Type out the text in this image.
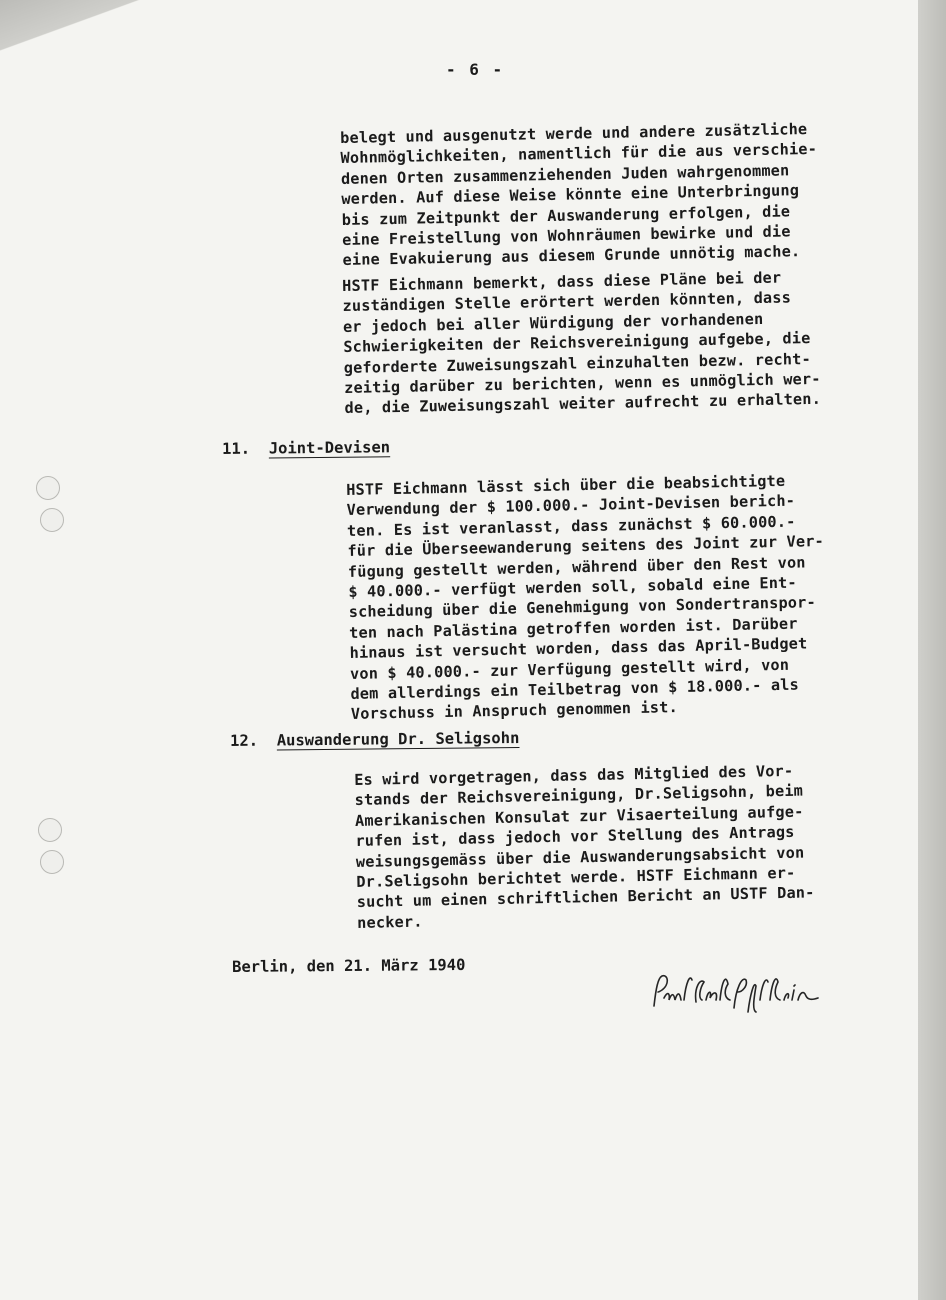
- 6 -

belegt und ausgenutzt werde und andere zusätzliche
Wohnmöglichkeiten, namentlich für die aus verschie-
denen Orten zusammenziehenden Juden wahrgenommen
werden. Auf diese Weise könnte eine Unterbringung
bis zum Zeitpunkt der Auswanderung erfolgen, die
eine Freistellung von Wohnräumen bewirke und die
eine Evakuierung aus diesem Grunde unnötig mache.

HSTF Eichmann bemerkt, dass diese Pläne bei der
zuständigen Stelle erörtert werden könnten, dass
er jedoch bei aller Würdigung der vorhandenen
Schwierigkeiten der Reichsvereinigung aufgebe, die
geforderte Zuweisungszahl einzuhalten bezw. recht-
zeitig darüber zu berichten, wenn es unmöglich wer-
de, die Zuweisungszahl weiter aufrecht zu erhalten.

11. Joint-Devisen

HSTF Eichmann lässt sich über die beabsichtigte
Verwendung der $ 100.000.- Joint-Devisen berich-
ten. Es ist veranlasst, dass zunächst $ 60.000.-
für die Überseewanderung seitens des Joint zur Ver-
fügung gestellt werden, während über den Rest von
$ 40.000.- verfügt werden soll, sobald eine Ent-
scheidung über die Genehmigung von Sondertranspor-
ten nach Palästina getroffen worden ist. Darüber
hinaus ist versucht worden, dass das April-Budget
von $ 40.000.- zur Verfügung gestellt wird, von
dem allerdings ein Teilbetrag von $ 18.000.- als
Vorschuss in Anspruch genommen ist.

12. Auswanderung Dr. Seligsohn

Es wird vorgetragen, dass das Mitglied des Vor-
stands der Reichsvereinigung, Dr.Seligsohn, beim
Amerikanischen Konsulat zur Visaerteilung aufge-
rufen ist, dass jedoch vor Stellung des Antrags
weisungsgemäss über die Auswanderungsabsicht von
Dr.Seligsohn berichtet werde. HSTF Eichmann er-
sucht um einen schriftlichen Bericht an USTF Dan-
necker.

Berlin, den 21. März 1940
